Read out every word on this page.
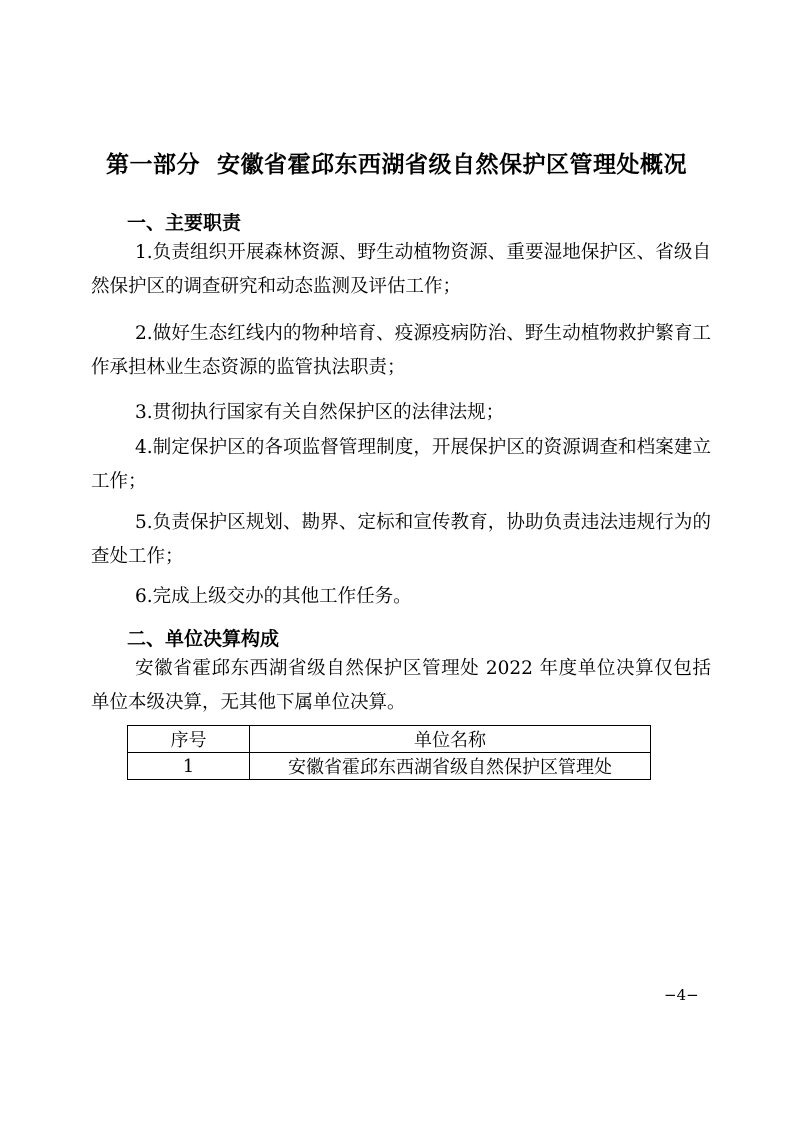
第一部分  安徽省霍邱东西湖省级自然保护区管理处概况
一、主要职责

1.负责组织开展森林资源、野生动植物资源、重要湿地保护区、省级自然保护区的调查研究和动态监测及评估工作；

2.做好生态红线内的物种培育、疫源疫病防治、野生动植物救护繁育工作承担林业生态资源的监管执法职责；

3.贯彻执行国家有关自然保护区的法律法规；

4.制定保护区的各项监督管理制度，开展保护区的资源调查和档案建立工作；

5.负责保护区规划、勘界、定标和宣传教育，协助负责违法违规行为的查处工作；

6.完成上级交办的其他工作任务。

二、单位决算构成

安徽省霍邱东西湖省级自然保护区管理处 2022 年度单位决算仅包括单位本级决算，无其他下属单位决算。

序号	单位名称
1	安徽省霍邱东西湖省级自然保护区管理处
−4−
